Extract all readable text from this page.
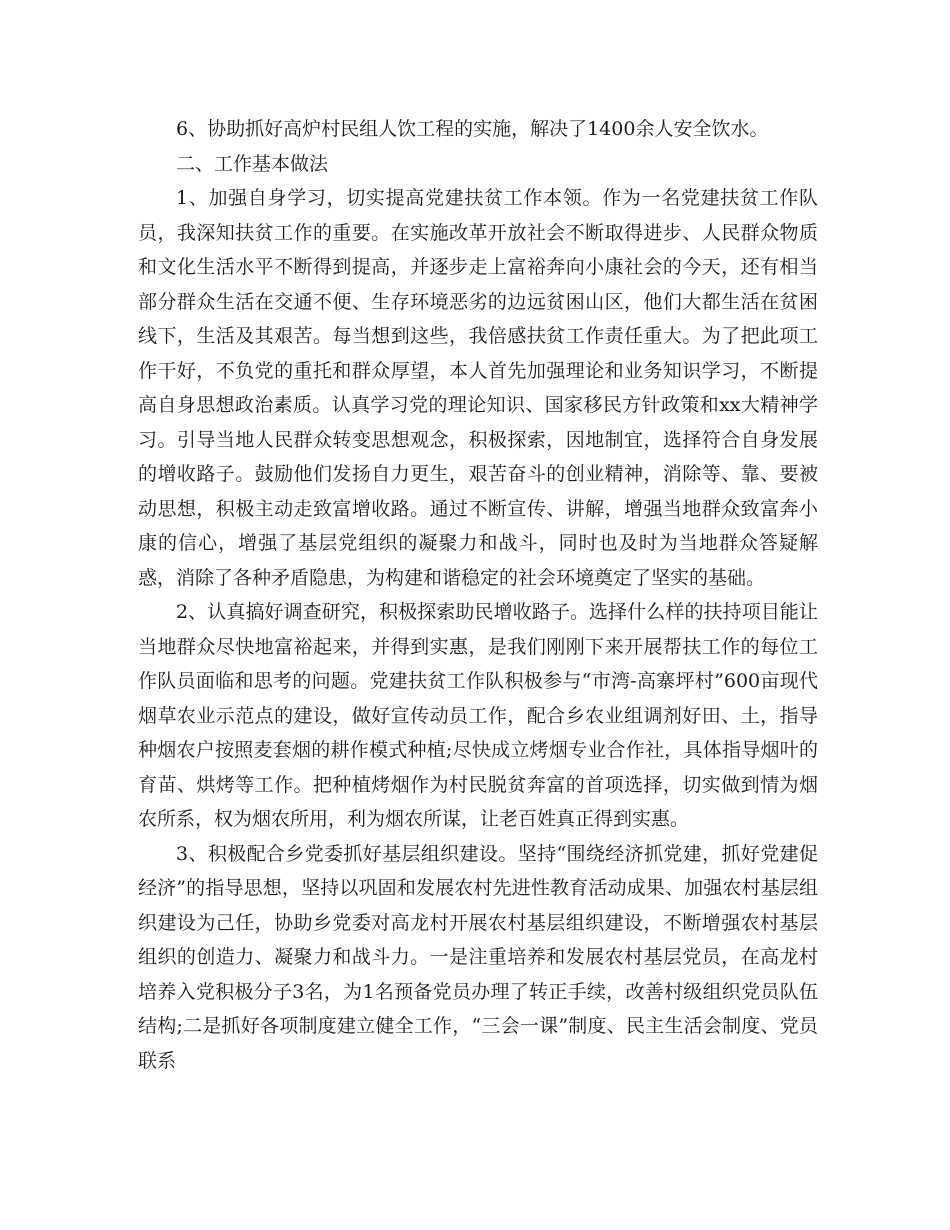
6、协助抓好高炉村民组人饮工程的实施，解决了1400余人安全饮水。

二、工作基本做法

1、加强自身学习，切实提高党建扶贫工作本领。作为一名党建扶贫工作队员，我深知扶贫工作的重要。在实施改革开放社会不断取得进步、人民群众物质和文化生活水平不断得到提高，并逐步走上富裕奔向小康社会的今天，还有相当部分群众生活在交通不便、生存环境恶劣的边远贫困山区，他们大都生活在贫困线下，生活及其艰苦。每当想到这些，我倍感扶贫工作责任重大。为了把此项工作干好，不负党的重托和群众厚望，本人首先加强理论和业务知识学习，不断提高自身思想政治素质。认真学习党的理论知识、国家移民方针政策和xx大精神学习。引导当地人民群众转变思想观念，积极探索，因地制宜，选择符合自身发展的增收路子。鼓励他们发扬自力更生，艰苦奋斗的创业精神，消除等、靠、要被动思想，积极主动走致富增收路。通过不断宣传、讲解，增强当地群众致富奔小康的信心，增强了基层党组织的凝聚力和战斗，同时也及时为当地群众答疑解惑，消除了各种矛盾隐患，为构建和谐稳定的社会环境奠定了坚实的基础。

2、认真搞好调查研究，积极探索助民增收路子。选择什么样的扶持项目能让当地群众尽快地富裕起来，并得到实惠，是我们刚刚下来开展帮扶工作的每位工作队员面临和思考的问题。党建扶贫工作队积极参与“市湾-高寨坪村”600亩现代烟草农业示范点的建设，做好宣传动员工作，配合乡农业组调剂好田、土，指导种烟农户按照麦套烟的耕作模式种植;尽快成立烤烟专业合作社，具体指导烟叶的育苗、烘烤等工作。把种植烤烟作为村民脱贫奔富的首项选择，切实做到情为烟农所系，权为烟农所用，利为烟农所谋，让老百姓真正得到实惠。

3、积极配合乡党委抓好基层组织建设。坚持“围绕经济抓党建，抓好党建促经济”的指导思想，坚持以巩固和发展农村先进性教育活动成果、加强农村基层组织建设为己任，协助乡党委对高龙村开展农村基层组织建设，不断增强农村基层组织的创造力、凝聚力和战斗力。一是注重培养和发展农村基层党员，在高龙村培养入党积极分子3名，为1名预备党员办理了转正手续，改善村级组织党员队伍结构;二是抓好各项制度建立健全工作，“三会一课”制度、民主生活会制度、党员联系
